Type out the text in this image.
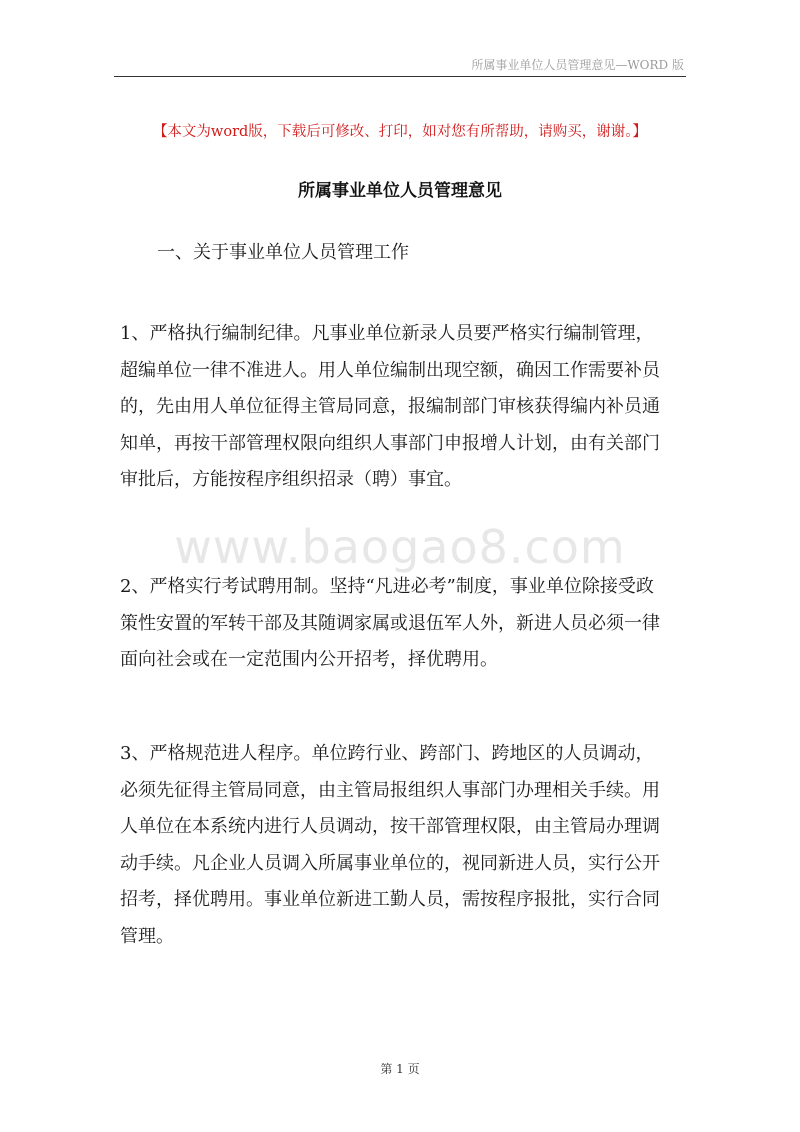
所属事业单位人员管理意见—WORD 版
【本文为word版，下载后可修改、打印，如对您有所帮助，请购买，谢谢。】
所属事业单位人员管理意见
一、关于事业单位人员管理工作
www.baogao8.com
1、严格执行编制纪律。凡事业单位新录人员要严格实行编制管理，
超编单位一律不准进人。用人单位编制出现空额，确因工作需要补员
的，先由用人单位征得主管局同意，报编制部门审核获得编内补员通
知单，再按干部管理权限向组织人事部门申报增人计划，由有关部门
审批后，方能按程序组织招录（聘）事宜。
2、严格实行考试聘用制。坚持“凡进必考”制度，事业单位除接受政
策性安置的军转干部及其随调家属或退伍军人外，新进人员必须一律
面向社会或在一定范围内公开招考，择优聘用。
3、严格规范进人程序。单位跨行业、跨部门、跨地区的人员调动，
必须先征得主管局同意，由主管局报组织人事部门办理相关手续。用
人单位在本系统内进行人员调动，按干部管理权限，由主管局办理调
动手续。凡企业人员调入所属事业单位的，视同新进人员，实行公开
招考，择优聘用。事业单位新进工勤人员，需按程序报批，实行合同
管理。
第 1 页
